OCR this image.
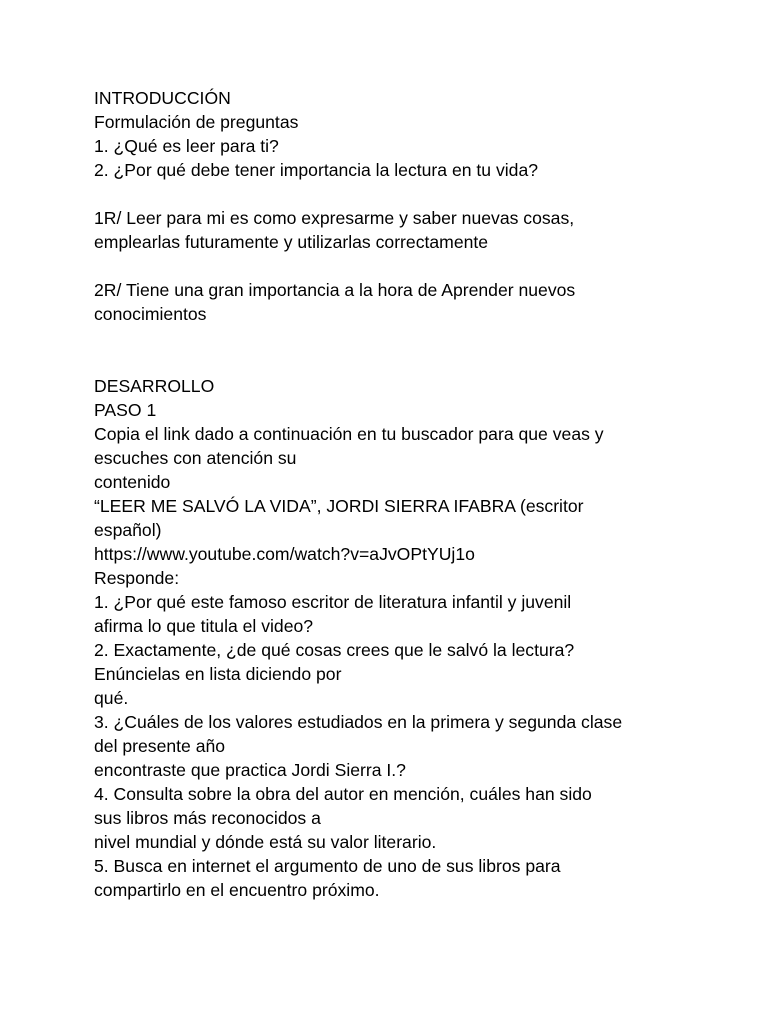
INTRODUCCIÓN
Formulación de preguntas
1. ¿Qué es leer para ti?
2. ¿Por qué debe tener importancia la lectura en tu vida?
1R/ Leer para mi es como expresarme y saber nuevas cosas,
emplearlas futuramente y utilizarlas correctamente
2R/ Tiene una gran importancia a la hora de Aprender nuevos
conocimientos
DESARROLLO
PASO 1
Copia el link dado a continuación en tu buscador para que veas y
escuches con atención su
contenido
“LEER ME SALVÓ LA VIDA”, JORDI SIERRA IFABRA (escritor
español)
https://www.youtube.com/watch?v=aJvOPtYUj1o
Responde:
1. ¿Por qué este famoso escritor de literatura infantil y juvenil
afirma lo que titula el video?
2. Exactamente, ¿de qué cosas crees que le salvó la lectura?
Enúncielas en lista diciendo por
qué.
3. ¿Cuáles de los valores estudiados en la primera y segunda clase
del presente año
encontraste que practica Jordi Sierra I.?
4. Consulta sobre la obra del autor en mención, cuáles han sido
sus libros más reconocidos a
nivel mundial y dónde está su valor literario.
5. Busca en internet el argumento de uno de sus libros para
compartirlo en el encuentro próximo.
